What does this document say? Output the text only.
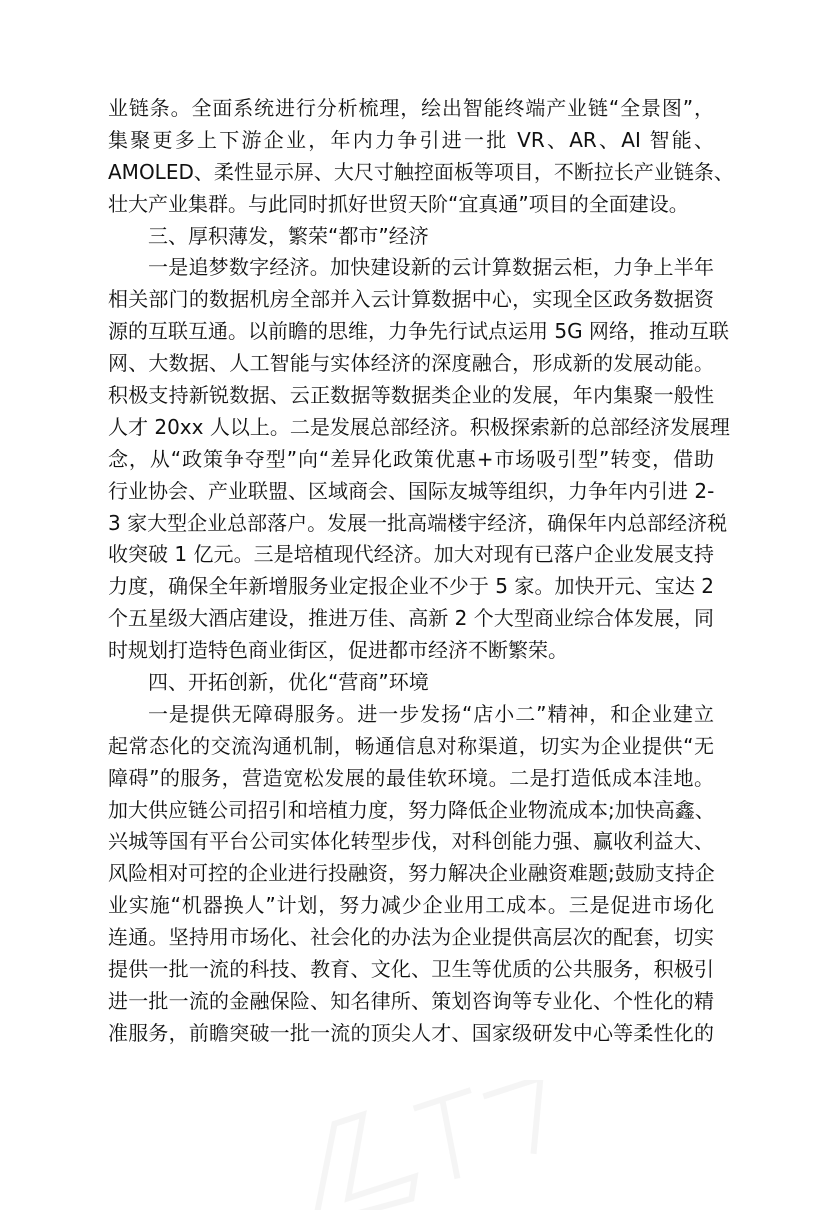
业链条。全面系统进行分析梳理，绘出智能终端产业链“全景图”，
集聚更多上下游企业，年内力争引进一批 VR、AR、AI 智能、
AMOLED、柔性显示屏、大尺寸触控面板等项目，不断拉长产业链条、
壮大产业集群。与此同时抓好世贸天阶“宜真通”项目的全面建设。
三、厚积薄发，繁荣“都市”经济
一是追梦数字经济。加快建设新的云计算数据云柜，力争上半年
相关部门的数据机房全部并入云计算数据中心，实现全区政务数据资
源的互联互通。以前瞻的思维，力争先行试点运用 5G 网络，推动互联
网、大数据、人工智能与实体经济的深度融合，形成新的发展动能。
积极支持新锐数据、云正数据等数据类企业的发展，年内集聚一般性
人才 20xx 人以上。二是发展总部经济。积极探索新的总部经济发展理
念，从“政策争夺型”向“差异化政策优惠+市场吸引型”转变，借助
行业协会、产业联盟、区域商会、国际友城等组织，力争年内引进 2-
3 家大型企业总部落户。发展一批高端楼宇经济，确保年内总部经济税
收突破 1 亿元。三是培植现代经济。加大对现有已落户企业发展支持
力度，确保全年新增服务业定报企业不少于 5 家。加快开元、宝达 2
个五星级大酒店建设，推进万佳、高新 2 个大型商业综合体发展，同
时规划打造特色商业街区，促进都市经济不断繁荣。
四、开拓创新，优化“营商”环境
一是提供无障碍服务。进一步发扬“店小二”精神，和企业建立
起常态化的交流沟通机制，畅通信息对称渠道，切实为企业提供“无
障碍”的服务，营造宽松发展的最佳软环境。二是打造低成本洼地。
加大供应链公司招引和培植力度，努力降低企业物流成本;加快高鑫、
兴城等国有平台公司实体化转型步伐，对科创能力强、赢收利益大、
风险相对可控的企业进行投融资，努力解决企业融资难题;鼓励支持企
业实施“机器换人”计划，努力减少企业用工成本。三是促进市场化
连通。坚持用市场化、社会化的办法为企业提供高层次的配套，切实
提供一批一流的科技、教育、文化、卫生等优质的公共服务，积极引
进一批一流的金融保险、知名律所、策划咨询等专业化、个性化的精
准服务，前瞻突破一批一流的顶尖人才、国家级研发中心等柔性化的
